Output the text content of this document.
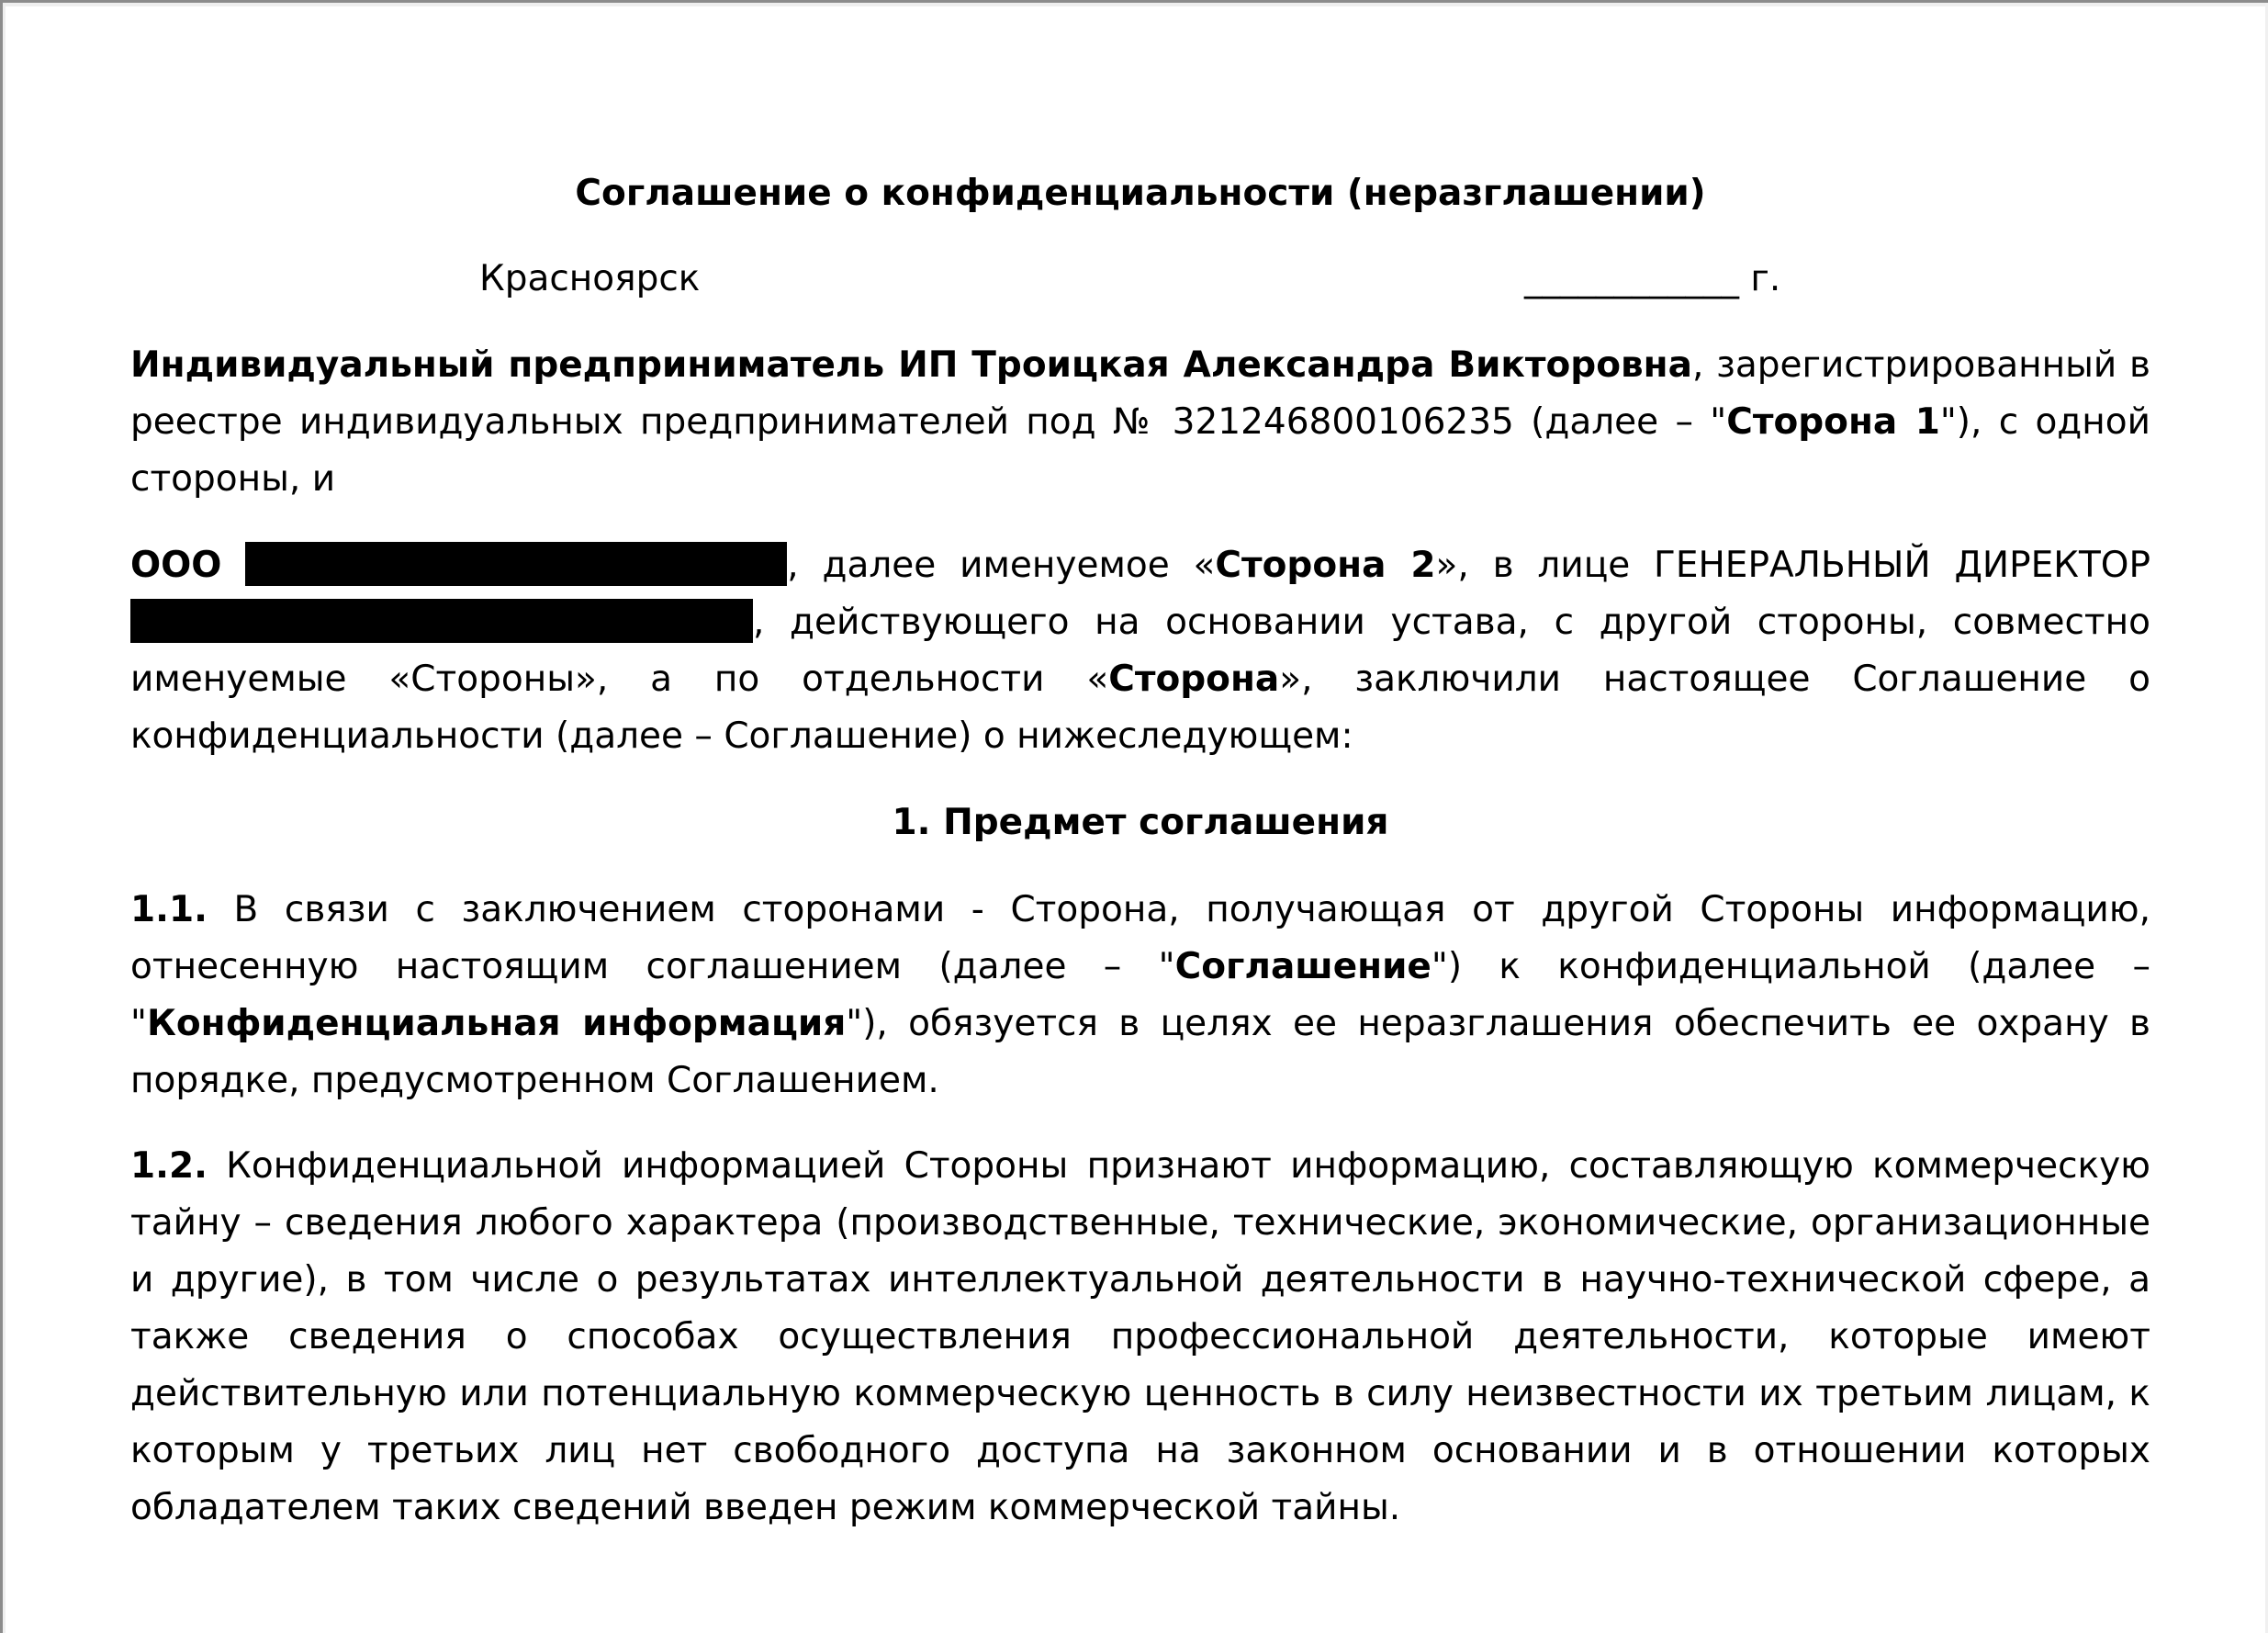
Соглашение о конфиденциальности (неразглашении)
Красноярск	____________ г.

Индивидуальный предприниматель ИП Троицкая Александра Викторовна, зарегистрированный в реестре индивидуальных предпринимателей под № 321246800106235 (далее – "Сторона 1"), с одной стороны, и

ООО	, далее именуемое «Сторона 2», в лице ГЕНЕРАЛЬНЫЙ ДИРЕКТОР , действующего на основании устава, с другой стороны, совместно именуемые «Стороны», а по отдельности «Сторона», заключили настоящее Соглашение о конфиденциальности (далее – Соглашение) о нижеследующем:

1. Предмет соглашения

1.1. В связи с заключением сторонами - Сторона, получающая от другой Стороны информацию, отнесенную настоящим соглашением (далее – "Соглашение") к конфиденциальной (далее – "Конфиденциальная информация"), обязуется в целях ее неразглашения обеспечить ее охрану в порядке, предусмотренном Соглашением.

1.2. Конфиденциальной информацией Стороны признают информацию, составляющую коммерческую тайну – сведения любого характера (производственные, технические, экономические, организационные и другие), в том числе о результатах интеллектуальной деятельности в научно-технической сфере, а также сведения о способах осуществления профессиональной деятельности, которые имеют действительную или потенциальную коммерческую ценность в силу неизвестности их третьим лицам, к которым у третьих лиц нет свободного доступа на законном основании и в отношении которых обладателем таких сведений введен режим коммерческой тайны.
